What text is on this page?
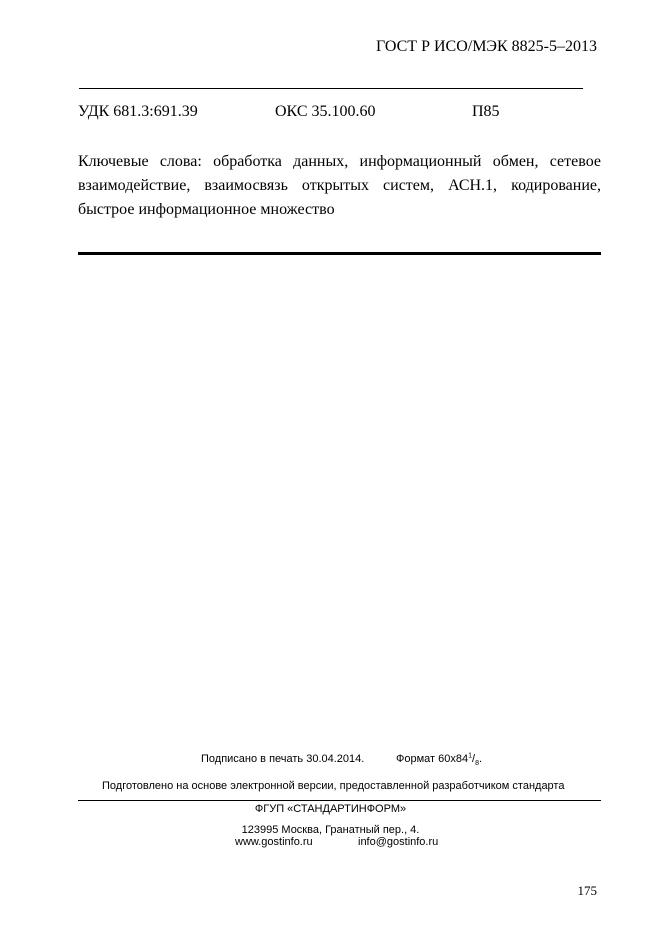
ГОСТ Р ИСО/МЭК 8825-5–2013
УДК 681.3:691.39	ОКС 35.100.60	П85
Ключевые слова: обработка данных, информационный обмен, сетевое взаимодействие, взаимосвязь открытых систем, АСН.1, кодирование, быстрое информационное множество
Подписано в печать 30.04.2014.	Формат $60x84^1/_8$.
Подготовлено на основе электронной версии, предоставленной разработчиком стандарта
ФГУП «СТАНДАРТИНФОРМ»
123995 Москва, Гранатный пер., 4.
www.gostinfo.ru	info@gostinfo.ru
175
